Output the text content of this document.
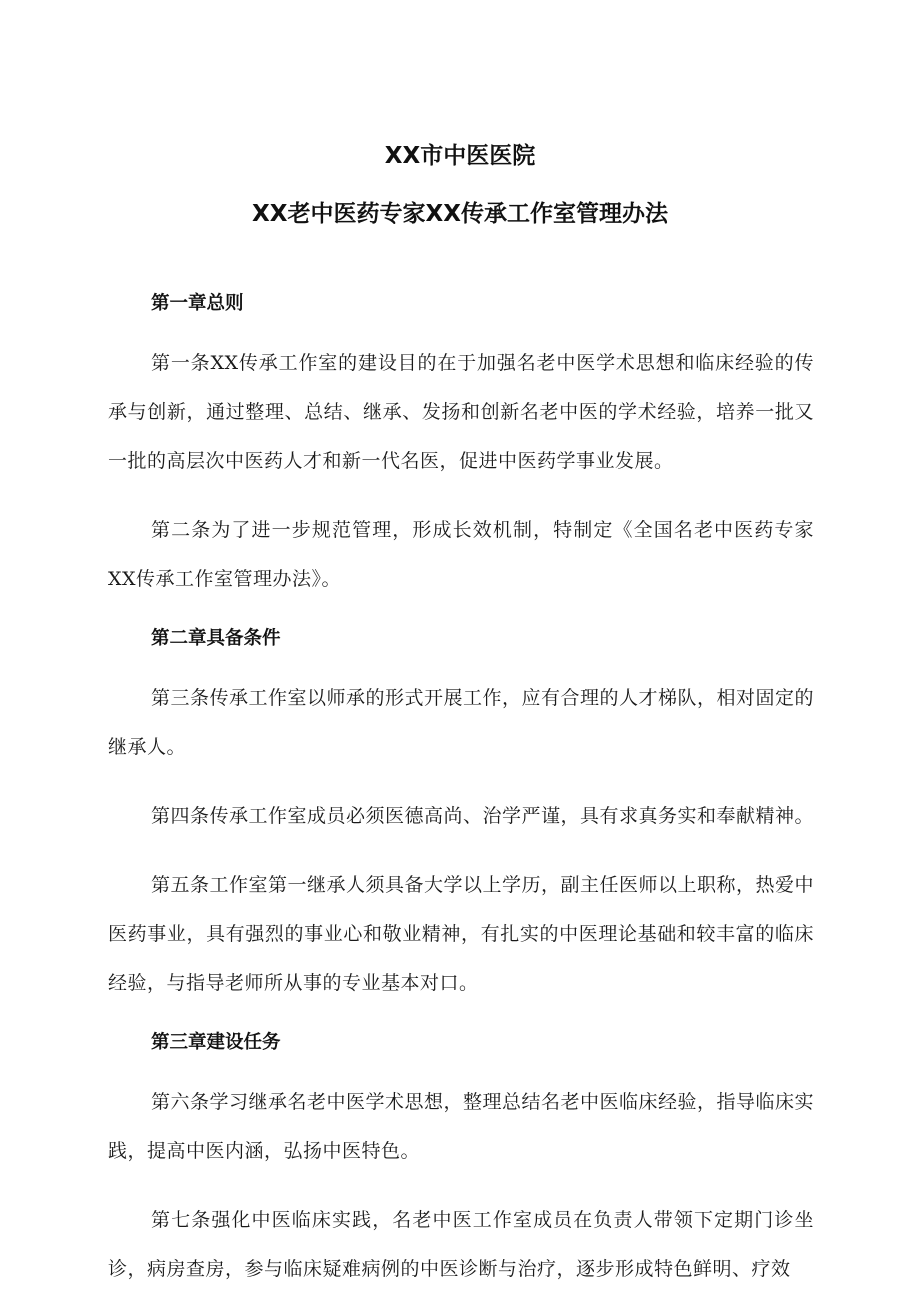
XX市中医医院
XX老中医药专家XX传承工作室管理办法
第一章总则

第一条XX传承工作室的建设目的在于加强名老中医学术思想和临床经验的传承与创新，通过整理、总结、继承、发扬和创新名老中医的学术经验，培养一批又一批的高层次中医药人才和新一代名医，促进中医药学事业发展。

第二条为了进一步规范管理，形成长效机制，特制定《全国名老中医药专家XX传承工作室管理办法》。

第二章具备条件

第三条传承工作室以师承的形式开展工作，应有合理的人才梯队，相对固定的继承人。

第四条传承工作室成员必须医德高尚、治学严谨，具有求真务实和奉献精神。

第五条工作室第一继承人须具备大学以上学历，副主任医师以上职称，热爱中医药事业，具有强烈的事业心和敬业精神，有扎实的中医理论基础和较丰富的临床经验，与指导老师所从事的专业基本对口。

第三章建设任务

第六条学习继承名老中医学术思想，整理总结名老中医临床经验，指导临床实践，提高中医内涵，弘扬中医特色。

第七条强化中医临床实践，名老中医工作室成员在负责人带领下定期门诊坐诊，病房查房，参与临床疑难病例的中医诊断与治疗，逐步形成特色鲜明、疗效
